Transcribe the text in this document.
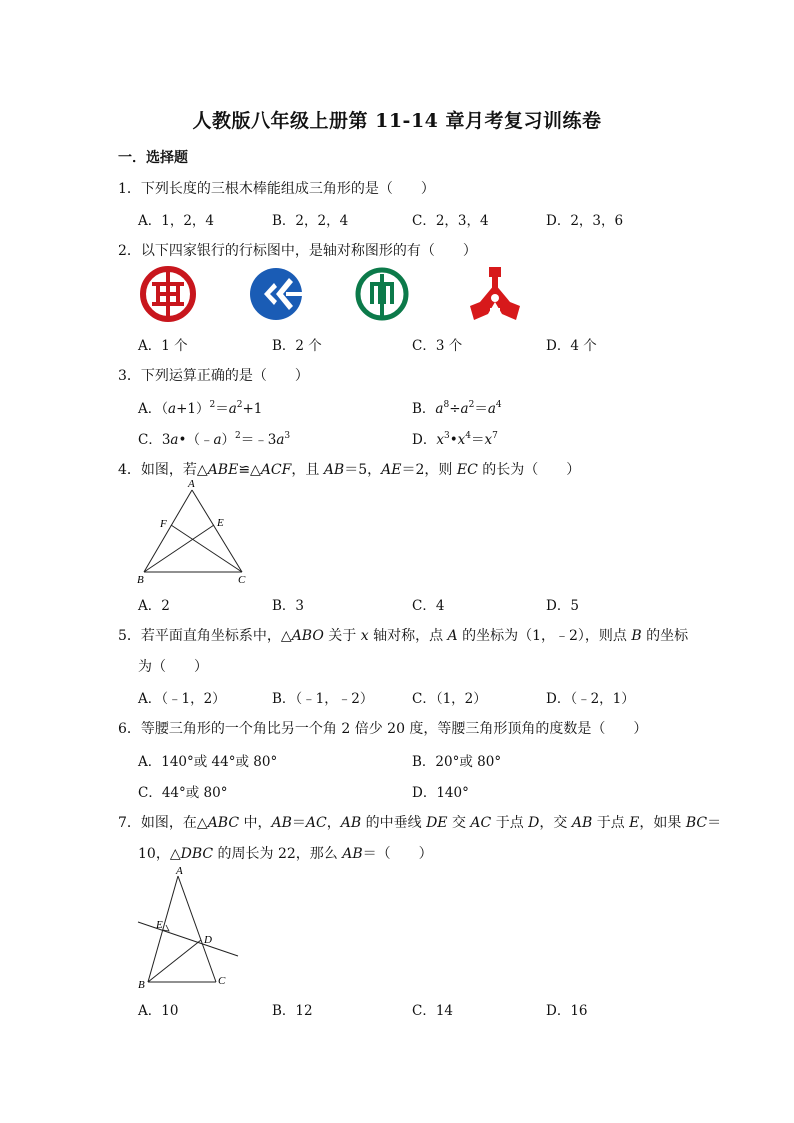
人教版八年级上册第 11-14 章月考复习训练卷
一．选择题
1．下列长度的三根木棒能组成三角形的是（　　）
A．1，2，4	B．2，2，4	C．2，3，4	D．2，3，6
2．以下四家银行的行标图中，是轴对称图形的有（　　）
A．1 个	B．2 个	C．3 个	D．4 个
3．下列运算正确的是（　　）
A．$(a+1)^2=a^2+1$	B．$a^8\div a^2=a^4$
C．$3a•(﹣a)^2=﹣3a^3$	D．$x^3•x^4=x^7$
4．如图，若△ABE≌△ACF，且 AB＝5，AE＝2，则 EC 的长为（　　）
A
F	E
B	C
A．2	B．3	C．4	D．5
5．若平面直角坐标系中，△ABO 关于 x 轴对称，点 A 的坐标为（1，﹣2），则点 B 的坐标
为（　　）
A．（﹣1，2）	B．（﹣1，﹣2）	C．（1，2）	D．（﹣2，1）
6．等腰三角形的一个角比另一个角 2 倍少 20 度，等腰三角形顶角的度数是（　　）
A．140°或 44°或 80°	B．20°或 80°
C．44°或 80°	D．140°
7．如图，在△ABC 中，AB＝AC，AB 的中垂线 DE 交 AC 于点 D，交 AB 于点 E，如果 BC＝
10，△DBC 的周长为 22，那么 AB＝（　　）
A
E
D
B	C
A．10	B．12	C．14	D．16
